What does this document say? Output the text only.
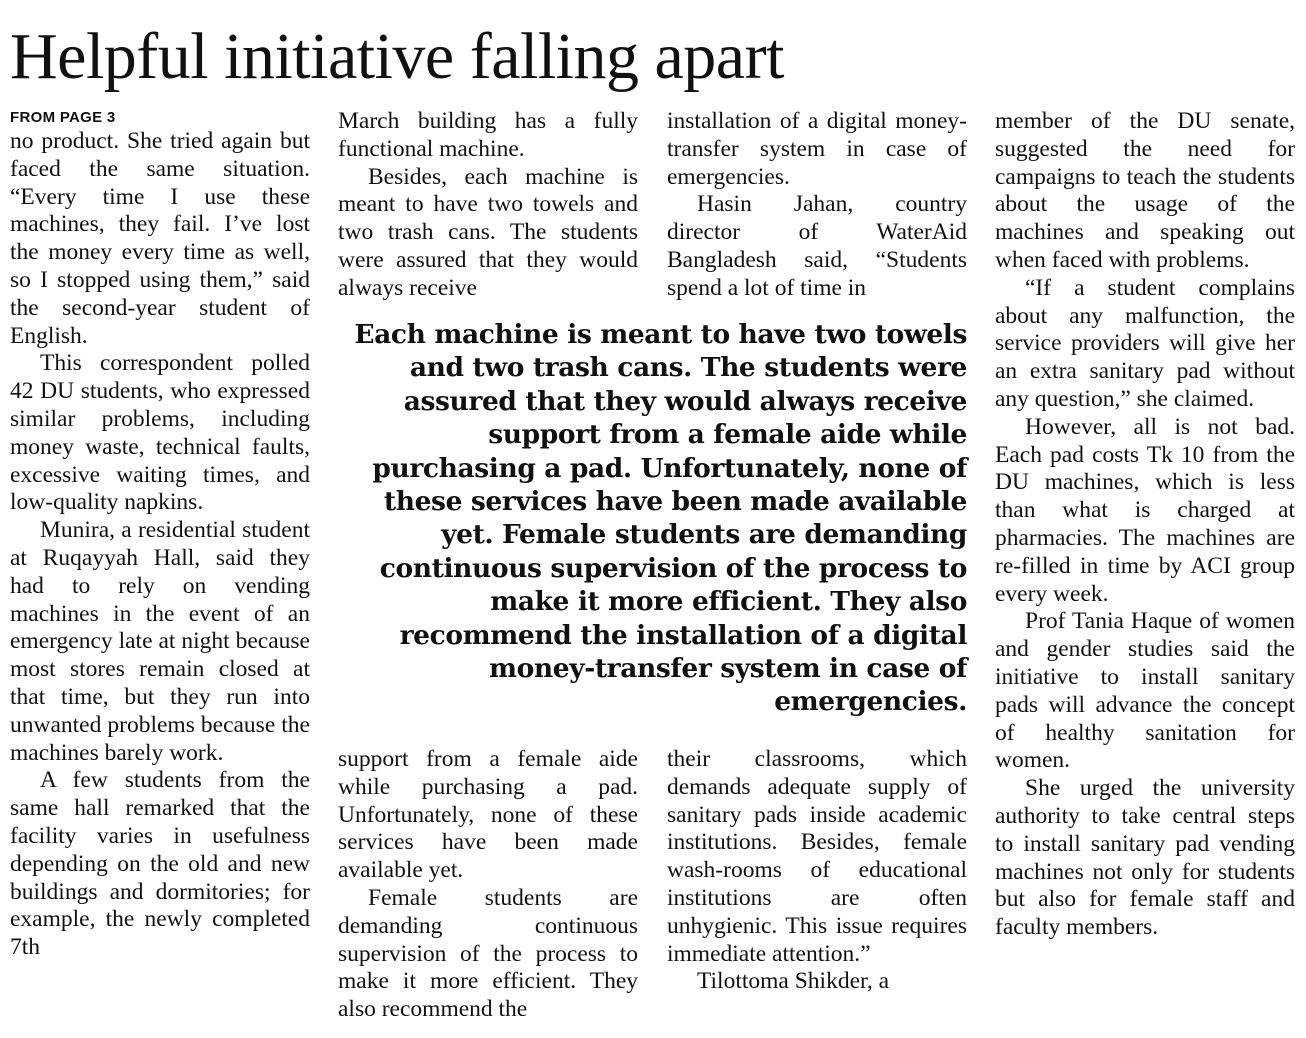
Helpful initiative falling apart
FROM PAGE 3

no product. She tried again but faced the same situation. “Every time I use these machines, they fail. I’ve lost the money every time as well, so I stopped using them,” said the second-year student of English.

This correspondent polled 42 DU students, who expressed similar problems, including money waste, technical faults, excessive waiting times, and low-quality napkins.

Munira, a residential student at Ruqayyah Hall, said they had to rely on vending machines in the event of an emergency late at night because most stores remain closed at that time, but they run into unwanted problems because the machines barely work.

A few students from the same hall remarked that the facility varies in usefulness depending on the old and new buildings and dormitories; for example, the newly completed 7th

March building has a fully functional machine.

Besides, each machine is meant to have two towels and two trash cans. The students were assured that they would always receive

installation of a digital money-transfer system in case of emergencies.

Hasin Jahan, country director of WaterAid Bangladesh said, “Students spend a lot of time in

Each machine is meant to have two towels and two trash cans. The students were assured that they would always receive support from a female aide while purchasing a pad. Unfortunately, none of these services have been made available yet. Female students are demanding continuous supervision of the process to make it more efficient. They also recommend the installation of a digital money-transfer system in case of emergencies.

support from a female aide while purchasing a pad. Unfortunately, none of these services have been made available yet.

Female students are demanding continuous supervision of the process to make it more efficient. They also recommend the

their classrooms, which demands adequate supply of sanitary pads inside academic institutions. Besides, female wash-rooms of educational institutions are often unhygienic. This issue requires immediate attention.”

Tilottoma Shikder, a

member of the DU senate, suggested the need for campaigns to teach the students about the usage of the machines and speaking out when faced with problems.

“If a student complains about any malfunction, the service providers will give her an extra sanitary pad without any question,” she claimed.

However, all is not bad. Each pad costs Tk 10 from the DU machines, which is less than what is charged at pharmacies. The machines are re-filled in time by ACI group every week.

Prof Tania Haque of women and gender studies said the initiative to install sanitary pads will advance the concept of healthy sanitation for women.

She urged the university authority to take central steps to install sanitary pad vending machines not only for students but also for female staff and faculty members.
